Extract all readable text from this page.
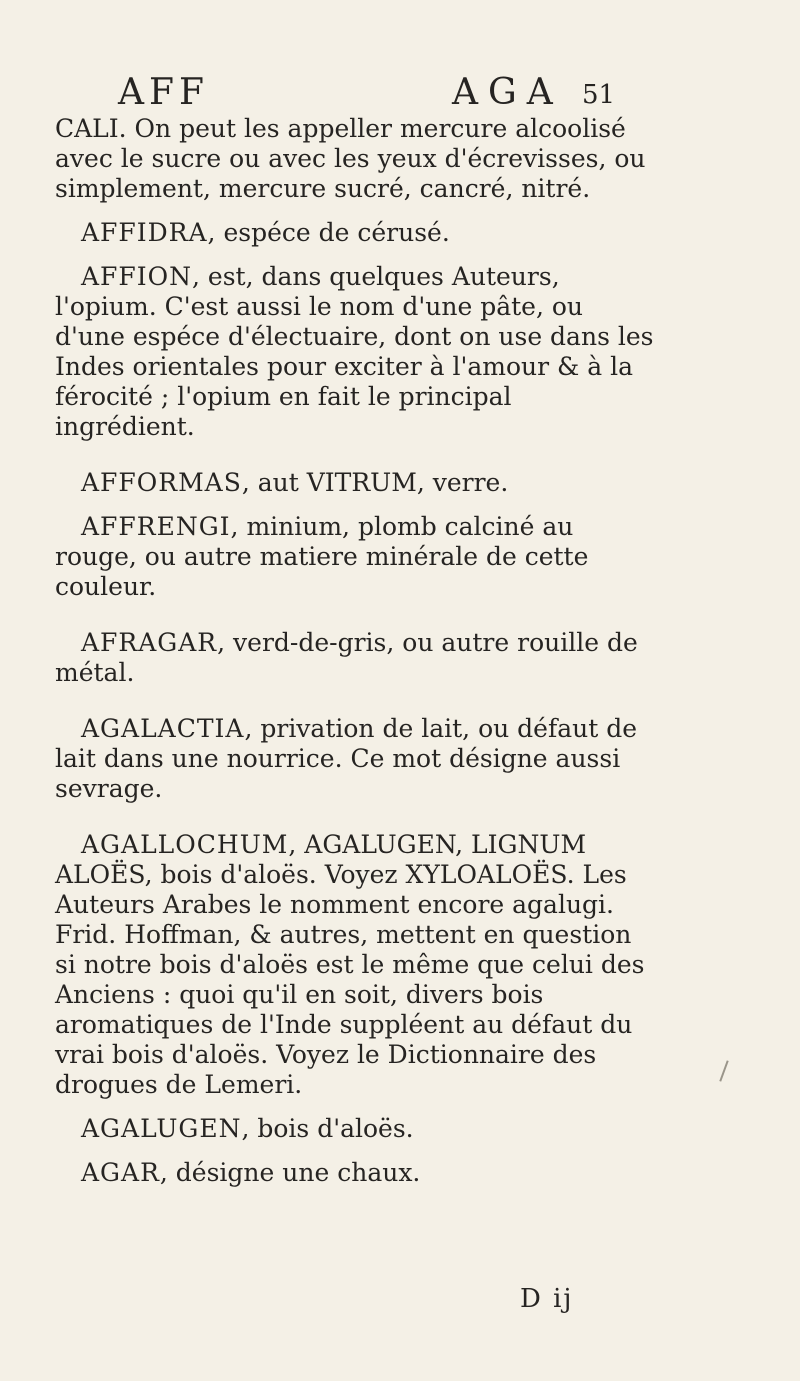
AFF	AGA 51

CALI. On peut les appeller mercure alcoolisé avec le sucre ou avec les yeux d'écrevisses, ou simplement, mercure sucré, cancré, nitré.

AFFIDRA, espéce de cérusé.

AFFION, est, dans quelques Auteurs, l'opium. C'est aussi le nom d'une pâte, ou d'une espéce d'électuaire, dont on use dans les Indes orientales pour exciter à l'amour & à la férocité ; l'opium en fait le principal ingrédient.

AFFORMAS, aut VITRUM, verre.

AFFRENGI, minium, plomb calciné au rouge, ou autre matiere minérale de cette couleur.

AFRAGAR, verd-de-gris, ou autre rouille de métal.

AGALACTIA, privation de lait, ou défaut de lait dans une nourrice. Ce mot désigne aussi sevrage.

AGALLOCHUM, AGALUGEN, LIGNUM ALOËS, bois d'aloës. Voyez XYLOALOËS. Les Auteurs Arabes le nomment encore agalugi. Frid. Hoffman, & autres, mettent en question si notre bois d'aloës est le même que celui des Anciens : quoi qu'il en soit, divers bois aromatiques de l'Inde suppléent au défaut du vrai bois d'aloës. Voyez le Dictionnaire des drogues de Lemeri.

AGALUGEN, bois d'aloës.

AGAR, désigne une chaux.

D ij
